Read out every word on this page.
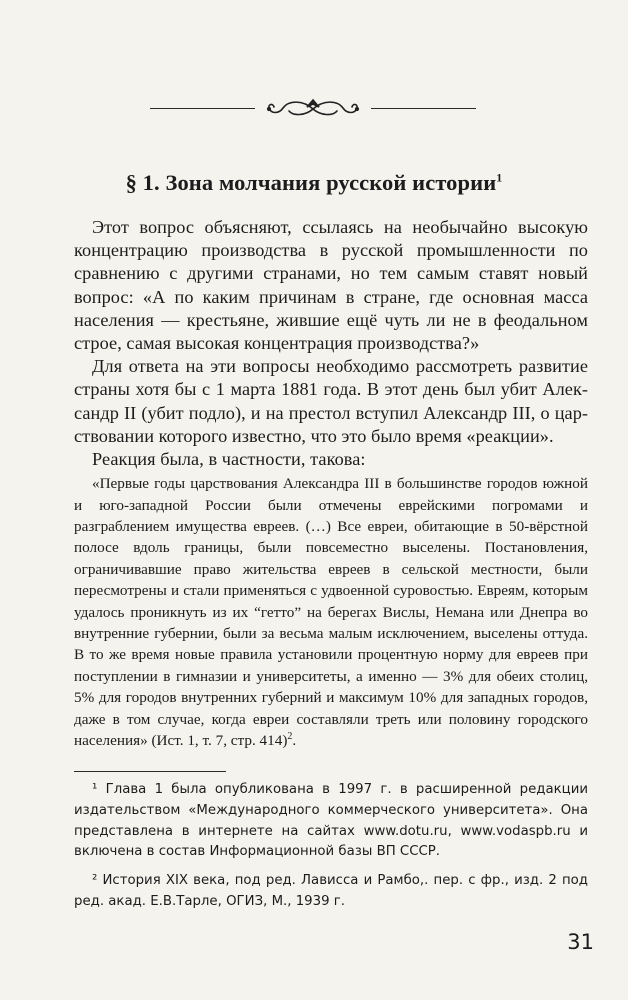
§ 1. Зона молчания русской истории$^1$

Этот вопрос объясняют, ссылаясь на необычайно высокую концентрацию производства в русской промышленности по сравнению с другими странами, но тем самым ставят новый вопрос: «А по каким причинам в стране, где основная масса населения — крестьяне, жившие ещё чуть ли не в феодальном строе, самая высокая концентрация производства?»

Для ответа на эти вопросы необходимо рассмотреть развитие страны хотя бы с 1 марта 1881 года. В этот день был убит Александр II (убит подло), и на престол вступил Александр III, о царствовании которого известно, что это было время «реакции».

Реакция была, в частности, такова:

«Первые годы царствования Александра III в большинстве городов южной и юго-западной России были отмечены еврейскими погромами и разграблением имущества евреев. (…) Все евреи, обитающие в 50-вёрстной полосе вдоль границы, были повсеместно выселены. Постановления, ограничивавшие право жительства евреев в сельской местности, были пересмотрены и стали применяться с удвоенной суровостью. Евреям, которым удалось проникнуть из их “гетто” на берегах Вислы, Немана или Днепра во внутренние губернии, были за весьма малым исключением, выселены оттуда. В то же время новые правила установили процентную норму для евреев при поступлении в гимназии и университеты, а именно — 3% для обеих столиц, 5% для городов внутренних губерний и максимум 10% для западных городов, даже в том случае, когда евреи составляли треть или половину городского населения» (Ист. 1, т. 7, стр. 414)$^2$.

¹ Глава 1 была опубликована в 1997 г. в расширенной редакции издательством «Международного коммерческого университета». Она представлена в интернете на сайтах www.dotu.ru, www.vodaspb.ru и включена в состав Информационной базы ВП СССР.

² История XIX века, под ред. Лависса и Рамбо,. пер. с фр., изд. 2 под ред. акад. Е.В.Тарле, ОГИЗ, М., 1939 г.

31
